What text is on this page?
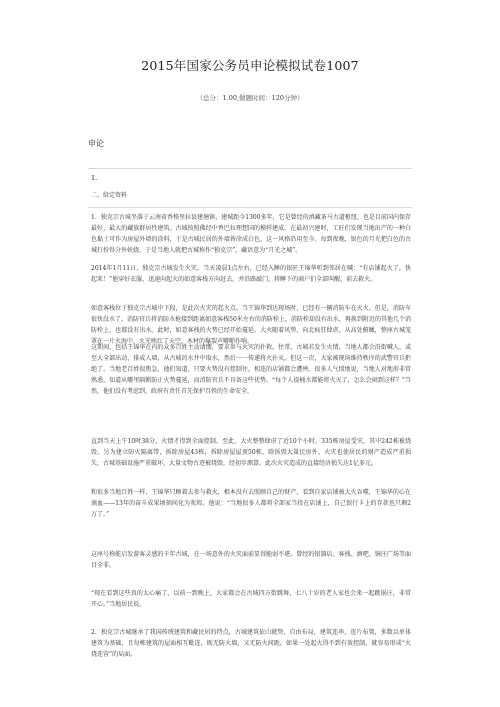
2015年国家公务员申论模拟试卷1007
（总分：1.00,做题时间：120分钟）
申论
1.
二、给定资料

1．独克宗古城坐落于云南省香格里拉县建塘镇，建城距今1300多年，它是曾经的滇藏茶马古道枢纽，也是目前国内保存最好、最大的藏族群居性建筑。古城按照佛经中香巴拉理想国的模样建成。在最初兴建时，工匠们发现当地出产的一种白色黏土可作为房屋外墙的涂料，于是古城民居的外墙皆涂成白色，这一风格沿用至今。每到夜晚，银色的月光把白色的古城打扮得分外妖娆，于是当地人就把古城称作“独克宗”，藏语意为“月光之城”。

2014年1月11日，独克宗古城发生火灾。当天凌晨1点左右，已经入睡的银匠王锦华听到邻居在喊：“有店铺起火了，快起来！”他穿好衣服，迅速向起火的如意客栈方向赶去，并沿路敲门，将睡下的商户们全部叫醒，前去救火。

如意客栈位于独克宗古城中下段，是此次火灾的起火点。当王锦华到达现场时，已经有一辆消防车在灭火。但是，消防车很快没水了。消防官兵将消防水枪接到距离如意客栈50米左右的消防栓上，消防栓却没有出水，再换到附近的其他几个消防栓上，也都没有出水。此时，如意客栈的火势已经开始蔓延。大火随着风势，向北疯狂肆虐。从高处俯瞰，整座古城笼罩在一片火海中，火光映红了天空，木材的爆裂声噼啪作响。

这期间，包括王锦华在内的众多百姓主动请缨，要求参与火灾的扑救。往常，古城若发生火情，当地人都会沿街喊人，或至大全部出动，排成人墙，从古城的水井中取水，然后一一传递将火扑灭。但这一次，大家被现场维持秩序的武警官兵拒绝了。当地老百姓很焦急，他们知道，只要火势没有控制住，相连的店铺都会遭殃。很多人气愤地说，当地人对地形非常熟悉，知道从哪里隔断防止火势蔓延，而消防官兵不具备这些优势。“每个人提桶水都能将火灭了，怎么会闹到这样？”当然，他们没有考虑到，政府有责任首先保护百姓的生命安全。

直到当天上午10时38分，火情才得到全面控制。至此，大火整整肆虐了近10个小时，335栋房屋受灾，其中242栋被烧毁。另为建立防火隔离带，拆除房屋43栋，拆除房屋屋顶50栋，除拆毁大量民房外，火灾也使居民的财产造成严重损失，古城基础设施严重破坏，大量文物古迹被烧毁，经初步测算，此次火灾造成的直接经济损失达1亿多元。

和很多当地百姓一样，王锦华只顾着去参与救火，根本没有去照顾自己的财产，看到自家店铺被大火吞噬，王锦华的心在滴血——13年的奋斗成果顷刻间化为灰烬。他说：“当地很多人都将全部家当投在店铺上，自己银行卡上的存款也只剩2万了。”

这座号称能启发游客灵感的千年古城，在一场意外的火灾面前显得脆弱不堪。曾经的银器店、客栈、酒吧、铜庄广场等面目全非。

“现在看到这些真的太心痛了，以前一到晚上，大家都会在古城四方街跳舞，七八十岁的老人家也会来一起跳锅庄，非常开心。”当地居民说。

2．独克宗古城继承了我国传统建筑和藏民居的特点，古城建筑依山就势，自由布局，建筑连串，连片布置，多数以单体建筑为基础，且每栋建筑的屋面相互毗连，既无防火墙，又无防火间距，如果一处起火得不到有效控制，就容易形成“火烧连营”的局面。
